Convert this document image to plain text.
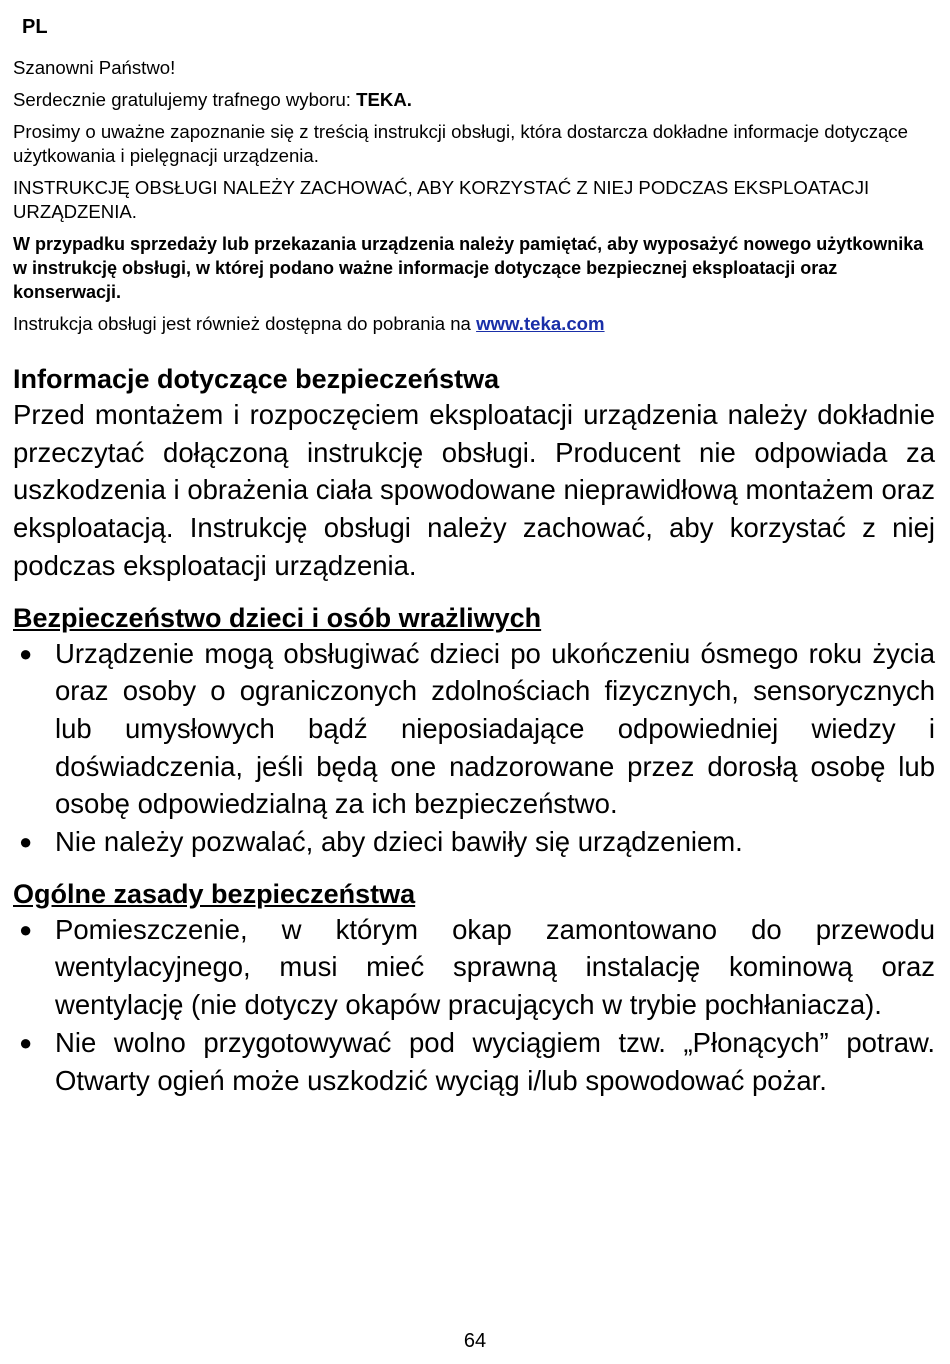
PL

Szanowni Państwo!

Serdecznie gratulujemy trafnego wyboru: TEKA.

Prosimy o uważne zapoznanie się z treścią instrukcji obsługi, która dostarcza dokładne informacje dotyczące użytkowania i pielęgnacji urządzenia.

INSTRUKCJĘ OBSŁUGI NALEŻY ZACHOWAĆ, ABY KORZYSTAĆ Z NIEJ PODCZAS EKSPLOATACJI URZĄDZENIA.

W przypadku sprzedaży lub przekazania urządzenia należy pamiętać, aby wyposażyć nowego użytkownika w instrukcję obsługi, w której podano ważne informacje dotyczące bezpiecznej eksploatacji oraz konserwacji.

Instrukcja obsługi jest również dostępna do pobrania na www.teka.com

Informacje dotyczące bezpieczeństwa

Przed montażem i rozpoczęciem eksploatacji urządzenia należy dokładnie przeczytać dołączoną instrukcję obsługi. Producent nie odpowiada za uszkodzenia i obrażenia ciała spowodowane nieprawidłową montażem oraz eksploatacją. Instrukcję obsługi należy zachować, aby korzystać z niej podczas eksploatacji urządzenia.

Bezpieczeństwo dzieci i osób wrażliwych
● Urządzenie mogą obsługiwać dzieci po ukończeniu ósmego roku życia oraz osoby o ograniczonych zdolnościach fizycznych, sensorycznych lub umysłowych bądź nieposiadające odpowiedniej wiedzy i doświadczenia, jeśli będą one nadzorowane przez dorosłą osobę lub osobę odpowiedzialną za ich bezpieczeństwo.
● Nie należy pozwalać, aby dzieci bawiły się urządzeniem.
Ogólne zasady bezpieczeństwa
● Pomieszczenie, w którym okap zamontowano do przewodu wentylacyjnego, musi mieć sprawną instalację kominową oraz wentylację (nie dotyczy okapów pracujących w trybie pochłaniacza).
● Nie wolno przygotowywać pod wyciągiem tzw. „Płonących” potraw. Otwarty ogień może uszkodzić wyciąg i/lub spowodować pożar.
64
